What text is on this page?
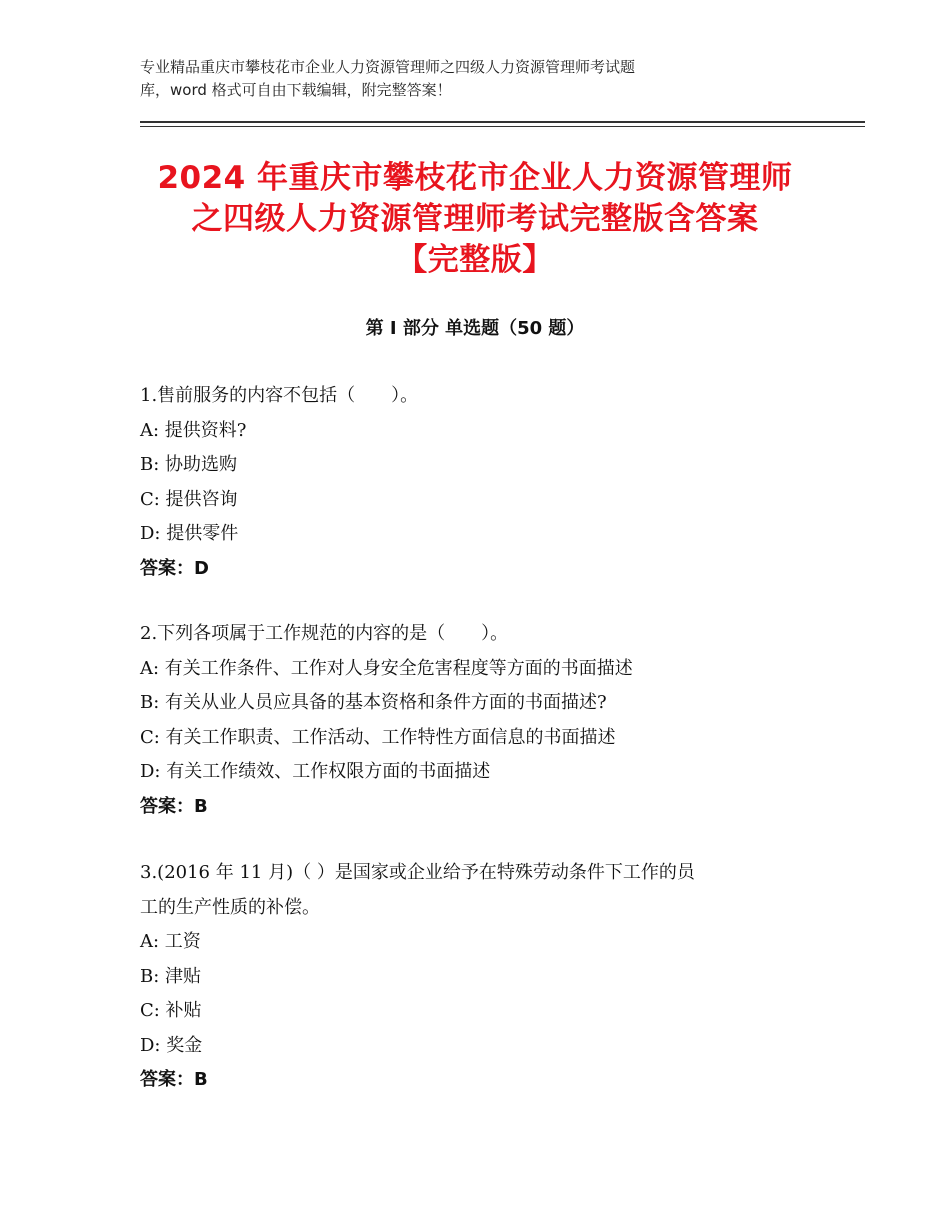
专业精品重庆市攀枝花市企业人力资源管理师之四级人力资源管理师考试题
库，word 格式可自由下载编辑，附完整答案！
2024 年重庆市攀枝花市企业人力资源管理师
之四级人力资源管理师考试完整版含答案
【完整版】
第 I 部分 单选题（50 题）
1.售前服务的内容不包括（　　）。
A: 提供资料?
B: 协助选购
C: 提供咨询
D: 提供零件
答案：D
2.下列各项属于工作规范的内容的是（　　）。
A: 有关工作条件、工作对人身安全危害程度等方面的书面描述
B: 有关从业人员应具备的基本资格和条件方面的书面描述?
C: 有关工作职责、工作活动、工作特性方面信息的书面描述
D: 有关工作绩效、工作权限方面的书面描述
答案：B
3.(2016 年 11 月)（ ）是国家或企业给予在特殊劳动条件下工作的员
工的生产性质的补偿。
A: 工资
B: 津贴
C: 补贴
D: 奖金
答案：B
